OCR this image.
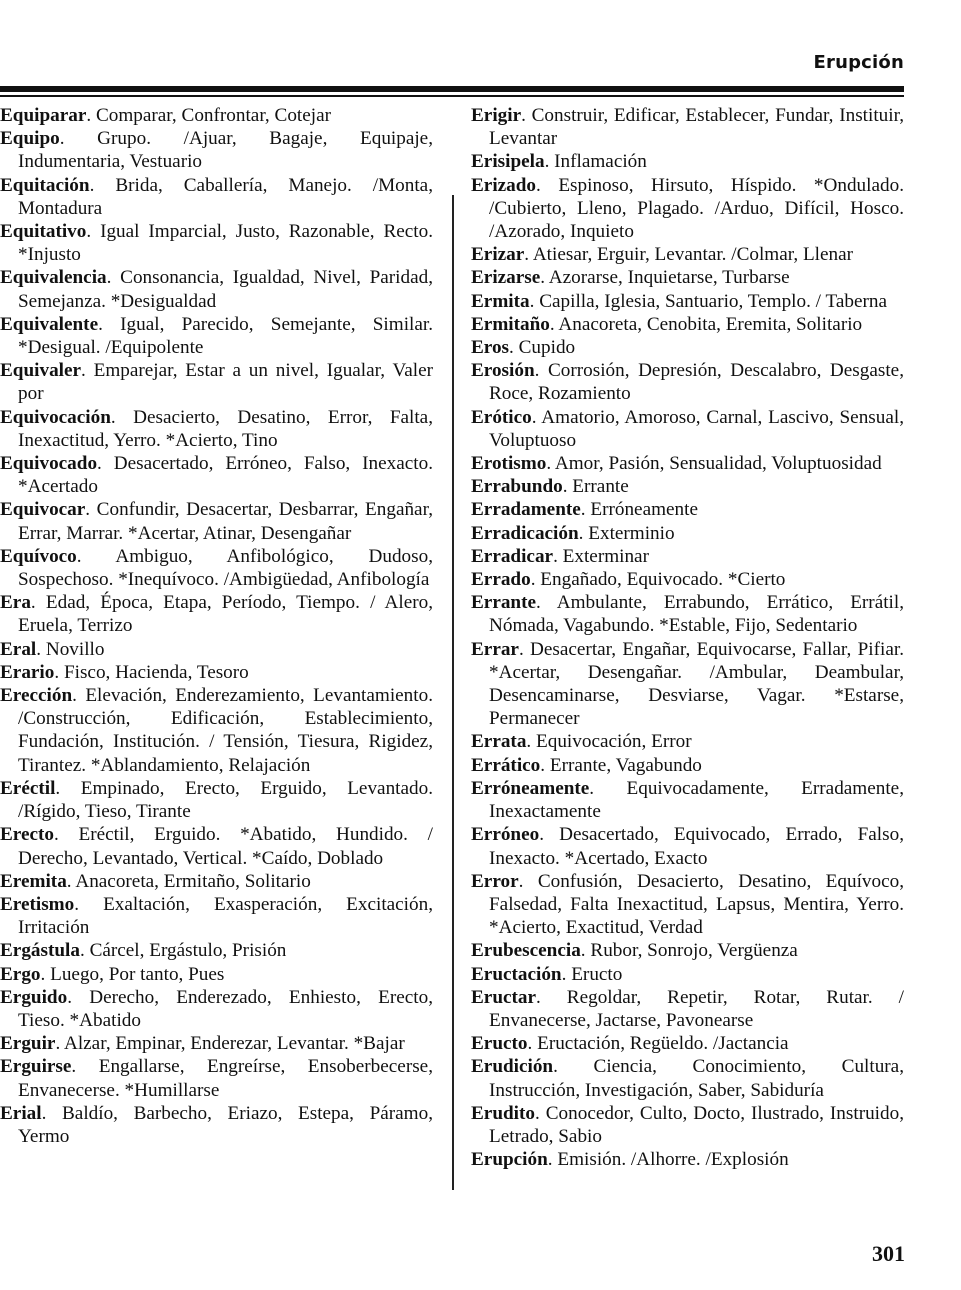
Erupción
Equiparar. Comparar, Confrontar, Cotejar
Equipo. Grupo. /Ajuar, Bagaje, Equipaje, Indumentaria, Vestuario
Equitación. Brida, Caballería, Manejo. /Monta, Montadura
Equitativo. Igual Imparcial, Justo, Razonable, Recto. *Injusto
Equivalencia. Consonancia, Igualdad, Nivel, Paridad, Semejanza. *Desigualdad
Equivalente. Igual, Parecido, Semejante, Similar. *Desigual. /Equipolente
Equivaler. Emparejar, Estar a un nivel, Igualar, Valer por
Equivocación. Desacierto, Desatino, Error, Falta, Inexactitud, Yerro. *Acierto, Tino
Equivocado. Desacertado, Erróneo, Falso, Inexacto. *Acertado
Equivocar. Confundir, Desacertar, Desbarrar, Engañar, Errar, Marrar. *Acertar, Atinar, Desengañar
Equívoco. Ambiguo, Anfibológico, Dudoso, Sospechoso. *Inequívoco. /Ambigüedad, Anfibología
Era. Edad, Época, Etapa, Período, Tiempo. / Alero, Eruela, Terrizo
Eral. Novillo
Erario. Fisco, Hacienda, Tesoro
Erección. Elevación, Enderezamiento, Levantamiento. /Construcción, Edificación, Establecimiento, Fundación, Institución. / Tensión, Tiesura, Rigidez, Tirantez. *Ablandamiento, Relajación
Eréctil. Empinado, Erecto, Erguido, Levantado. /Rígido, Tieso, Tirante
Erecto. Eréctil, Erguido. *Abatido, Hundido. / Derecho, Levantado, Vertical. *Caído, Doblado
Eremita. Anacoreta, Ermitaño, Solitario
Eretismo. Exaltación, Exasperación, Excitación, Irritación
Ergástula. Cárcel, Ergástulo, Prisión
Ergo. Luego, Por tanto, Pues
Erguido. Derecho, Enderezado, Enhiesto, Erecto, Tieso. *Abatido
Erguir. Alzar, Empinar, Enderezar, Levantar. *Bajar
Erguirse. Engallarse, Engreírse, Ensoberbecerse, Envanecerse. *Humillarse
Erial. Baldío, Barbecho, Eriazo, Estepa, Páramo, Yermo
Erigir. Construir, Edificar, Establecer, Fundar, Instituir, Levantar
Erisipela. Inflamación
Erizado. Espinoso, Hirsuto, Híspido. *Ondulado. /Cubierto, Lleno, Plagado. /Arduo, Difícil, Hosco. /Azorado, Inquieto
Erizar. Atiesar, Erguir, Levantar. /Colmar, Llenar
Erizarse. Azorarse, Inquietarse, Turbarse
Ermita. Capilla, Iglesia, Santuario, Templo. / Taberna
Ermitaño. Anacoreta, Cenobita, Eremita, Solitario
Eros. Cupido
Erosión. Corrosión, Depresión, Descalabro, Desgaste, Roce, Rozamiento
Erótico. Amatorio, Amoroso, Carnal, Lascivo, Sensual, Voluptuoso
Erotismo. Amor, Pasión, Sensualidad, Voluptuosidad
Errabundo. Errante
Erradamente. Erróneamente
Erradicación. Exterminio
Erradicar. Exterminar
Errado. Engañado, Equivocado. *Cierto
Errante. Ambulante, Errabundo, Errático, Errátil, Nómada, Vagabundo. *Estable, Fijo, Sedentario
Errar. Desacertar, Engañar, Equivocarse, Fallar, Pifiar. *Acertar, Desengañar. /Ambular, Deambular, Desencaminarse, Desviarse, Vagar. *Estarse, Permanecer
Errata. Equivocación, Error
Errático. Errante, Vagabundo
Erróneamente. Equivocadamente, Erradamente, Inexactamente
Erróneo. Desacertado, Equivocado, Errado, Falso, Inexacto. *Acertado, Exacto
Error. Confusión, Desacierto, Desatino, Equívoco, Falsedad, Falta Inexactitud, Lapsus, Mentira, Yerro. *Acierto, Exactitud, Verdad
Erubescencia. Rubor, Sonrojo, Vergüenza
Eructación. Eructo
Eructar. Regoldar, Repetir, Rotar, Rutar. / Envanecerse, Jactarse, Pavonearse
Eructo. Eructación, Regüeldo. /Jactancia
Erudición. Ciencia, Conocimiento, Cultura, Instrucción, Investigación, Saber, Sabiduría
Erudito. Conocedor, Culto, Docto, Ilustrado, Instruido, Letrado, Sabio
Erupción. Emisión. /Alhorre. /Explosión
301
